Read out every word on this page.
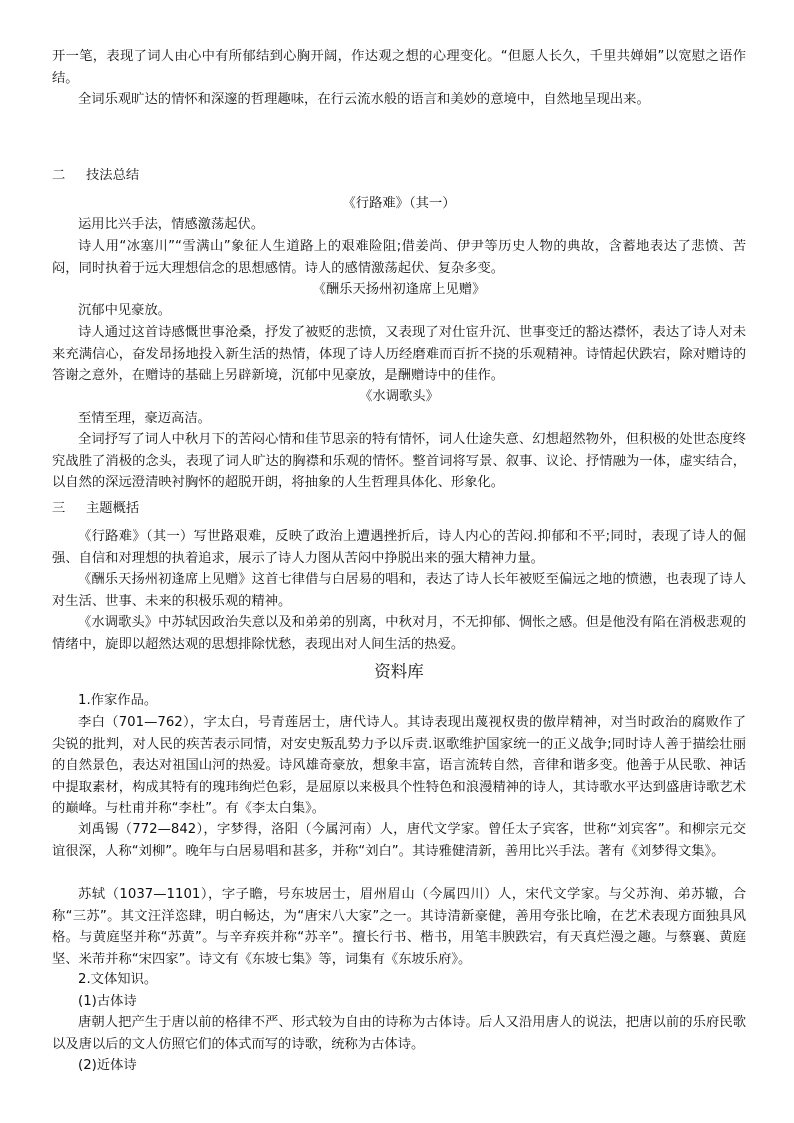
开一笔，表现了词人由心中有所郁结到心胸开阔，作达观之想的心理变化。“但愿人长久，千里共婵娟”以宽慰之语作结。

全词乐观旷达的情怀和深邃的哲理趣味，在行云流水般的语言和美妙的意境中，自然地呈现出来。

二 技法总结

《行路难》（其一）

运用比兴手法，情感激荡起伏。

诗人用“冰塞川”“雪满山”象征人生道路上的艰难险阻;借姜尚、伊尹等历史人物的典故，含蓄地表达了悲愤、苦闷，同时执着于远大理想信念的思想感情。诗人的感情激荡起伏、复杂多变。

《酬乐天扬州初逢席上见赠》

沉郁中见豪放。

诗人通过这首诗感慨世事沧桑，抒发了被贬的悲愤，又表现了对仕宦升沉、世事变迁的豁达襟怀，表达了诗人对未来充满信心，奋发昂扬地投入新生活的热情，体现了诗人历经磨难而百折不挠的乐观精神。诗情起伏跌宕，除对赠诗的答谢之意外，在赠诗的基础上另辟新境，沉郁中见豪放，是酬赠诗中的佳作。

《水调歌头》

至情至理，豪迈高洁。

全词抒写了词人中秋月下的苦闷心情和佳节思亲的特有情怀，词人仕途失意、幻想超然物外，但积极的处世态度终究战胜了消极的念头，表现了词人旷达的胸襟和乐观的情怀。整首词将写景、叙事、议论、抒情融为一体，虚实结合，以自然的深远澄清映衬胸怀的超脱开朗，将抽象的人生哲理具体化、形象化。

三 主题概括

《行路难》（其一）写世路艰难，反映了政治上遭遇挫折后，诗人内心的苦闷.抑郁和不平;同时，表现了诗人的倔强、自信和对理想的执着追求，展示了诗人力图从苦闷中挣脱出来的强大精神力量。

《酬乐天扬州初逢席上见赠》这首七律借与白居易的唱和，表达了诗人长年被贬至偏远之地的愤懑，也表现了诗人对生活、世事、未来的积极乐观的精神。

《水调歌头》中苏轼因政治失意以及和弟弟的别离，中秋对月，不无抑郁、惆怅之感。但是他没有陷在消极悲观的情绪中，旋即以超然达观的思想排除忧愁，表现出对人间生活的热爱。

资料库

1.作家作品。

李白（701—762），字太白，号青莲居士，唐代诗人。其诗表现出蔑视权贵的傲岸精神，对当时政治的腐败作了尖锐的批判，对人民的疾苦表示同情，对安史叛乱势力予以斥责.讴歌维护国家统一的正义战争;同时诗人善于描绘壮丽的自然景色，表达对祖国山河的热爱。诗风雄奇豪放，想象丰富，语言流转自然，音律和谐多变。他善于从民歌、神话中提取素材，构成其特有的瑰玮绚烂色彩，是屈原以来极具个性特色和浪漫精神的诗人，其诗歌水平达到盛唐诗歌艺术的巅峰。与杜甫并称“李杜”。有《李太白集》。

刘禹锡（772—842），字梦得，洛阳（今属河南）人，唐代文学家。曾任太子宾客，世称“刘宾客”。和柳宗元交谊很深，人称“刘柳”。晚年与白居易唱和甚多，并称“刘白”。其诗雅健清新，善用比兴手法。著有《刘梦得文集》。

苏轼（1037—1101），字子瞻，号东坡居士，眉州眉山（今属四川）人，宋代文学家。与父苏洵、弟苏辙，合称“三苏”。其文汪洋恣肆，明白畅达，为“唐宋八大家”之一。其诗清新豪健，善用夸张比喻，在艺术表现方面独具风格。与黄庭坚并称“苏黄”。与辛弃疾并称“苏辛”。擅长行书、楷书，用笔丰腴跌宕，有天真烂漫之趣。与蔡襄、黄庭坚、米芾并称“宋四家”。诗文有《东坡七集》等，词集有《东坡乐府》。

2.文体知识。

(1)古体诗

唐朝人把产生于唐以前的格律不严、形式较为自由的诗称为古体诗。后人又沿用唐人的说法，把唐以前的乐府民歌以及唐以后的文人仿照它们的体式而写的诗歌，统称为古体诗。

(2)近体诗
